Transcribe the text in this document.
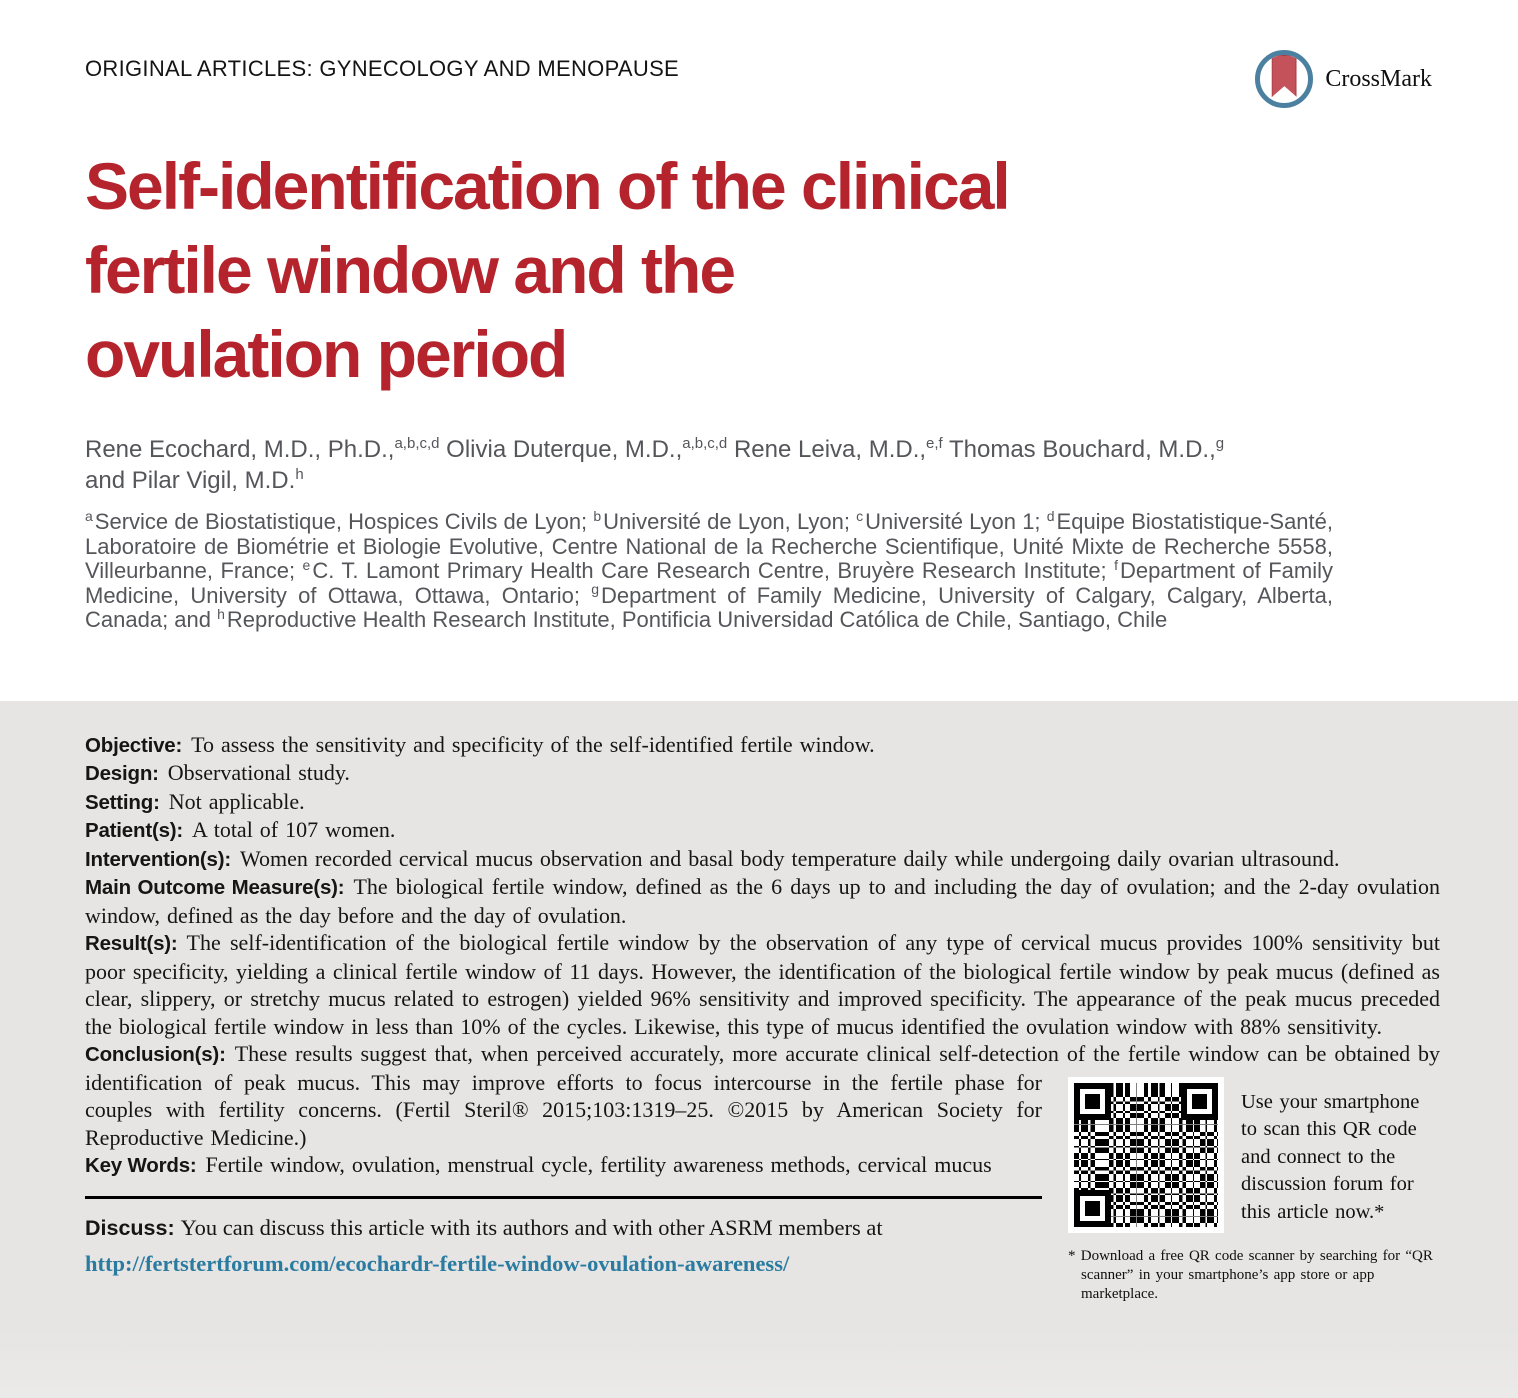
ORIGINAL ARTICLES: GYNECOLOGY AND MENOPAUSE	CrossMark
Self-identification of the clinical
fertile window and the
ovulation period
Rene Ecochard, M.D., Ph.D.,$^{a,b,c,d}$ Olivia Duterque, M.D.,$^{a,b,c,d}$ Rene Leiva, M.D.,$^{e,f}$ Thomas Bouchard, M.D.,$^g$ and Pilar Vigil, M.D.$^h$
$^a$Service de Biostatistique, Hospices Civils de Lyon; $^b$Université de Lyon, Lyon; $^c$Université Lyon 1; $^d$Equipe Biostatistique-Santé, Laboratoire de Biométrie et Biologie Evolutive, Centre National de la Recherche Scientifique, Unité Mixte de Recherche 5558, Villeurbanne, France; $^e$C. T. Lamont Primary Health Care Research Centre, Bruyère Research Institute; $^f$Department of Family Medicine, University of Ottawa, Ottawa, Ontario; $^g$Department of Family Medicine, University of Calgary, Calgary, Alberta, Canada; and $^h$Reproductive Health Research Institute, Pontificia Universidad Católica de Chile, Santiago, Chile

Objective: To assess the sensitivity and specificity of the self-identified fertile window.

Design: Observational study.

Setting: Not applicable.

Patient(s): A total of 107 women.

Intervention(s): Women recorded cervical mucus observation and basal body temperature daily while undergoing daily ovarian ultrasound.

Main Outcome Measure(s): The biological fertile window, defined as the 6 days up to and including the day of ovulation; and the 2-day ovulation window, defined as the day before and the day of ovulation.

Result(s): The self-identification of the biological fertile window by the observation of any type of cervical mucus provides 100% sensitivity but poor specificity, yielding a clinical fertile window of 11 days. However, the identification of the biological fertile window by peak mucus (defined as clear, slippery, or stretchy mucus related to estrogen) yielded 96% sensitivity and improved specificity. The appearance of the peak mucus preceded the biological fertile window in less than 10% of the cycles. Likewise, this type of mucus identified the ovulation window with 88% sensitivity.

Conclusion(s): These results suggest that, when perceived accurately, more accurate clinical self-detection of the fertile window can be
Use your smartphone to scan this QR code and connect to the discussion forum for this article now.*
* Download a free QR code scanner by searching for “QR scanner” in your smartphone’s app store or app marketplace.
obtained by identification of peak mucus. This may improve efforts to focus intercourse in the fertile phase for couples with fertility concerns. (Fertil Steril® 2015;103:1319–25. ©2015 by American Society for Reproductive Medicine.)

Key Words: Fertile window, ovulation, menstrual cycle, fertility awareness methods, cervical mucus

Discuss: You can discuss this article with its authors and with other ASRM members at http://fertstertforum.com/ecochardr-fertile-window-ovulation-awareness/
